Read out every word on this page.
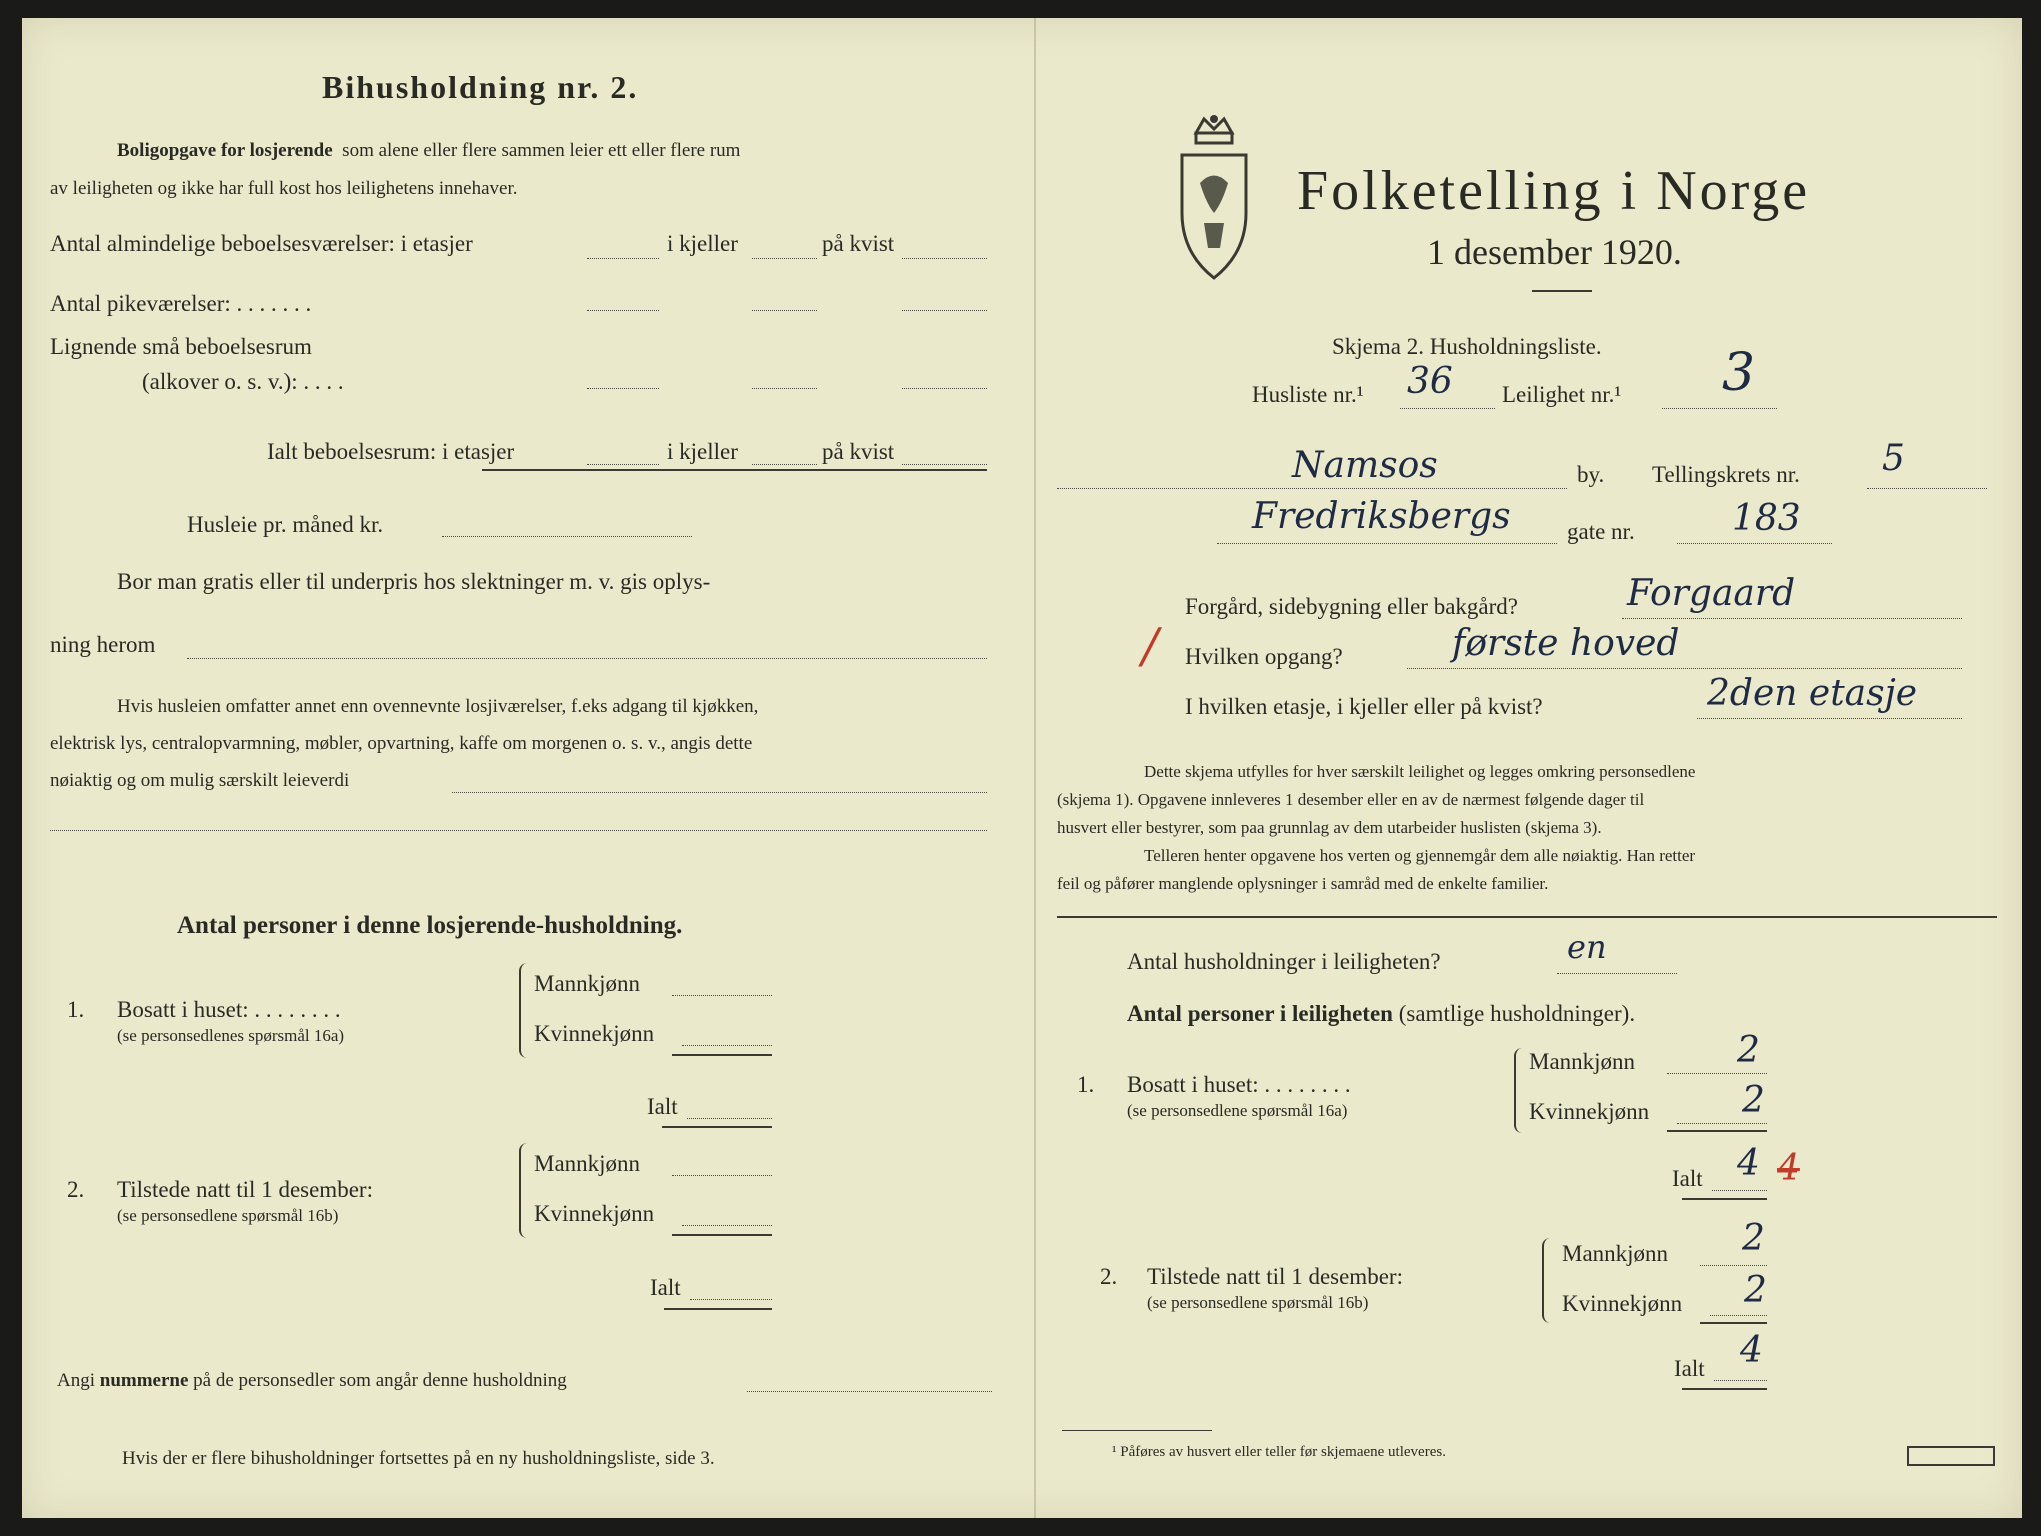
Bihusholdning nr. 2.
Boligopgave for losjerende som alene eller flere sammen leier ett eller flere rum
av leiligheten og ikke har full kost hos leilighetens innehaver.
Antal almindelige beboelsesværelser: i etasjer	i kjeller	på kvist
Antal pikeværelser: . . . . . . .
Lignende små beboelsesrum
(alkover o. s. v.): . . . .
Ialt beboelsesrum: i etasjer	i kjeller	på kvist
Husleie pr. måned kr.
Bor man gratis eller til underpris hos slektninger m. v. gis oplys-
ning herom
Hvis husleien omfatter annet enn ovennevnte losjiværelser, f.eks adgang til kjøkken,
elektrisk lys, centralopvarmning, møbler, opvartning, kaffe om morgenen o. s. v., angis dette
nøiaktig og om mulig særskilt leieverdi
Antal personer i denne losjerende-husholdning.
1. Bosatt i huset: . . . . . . . .
(se personsedlenes spørsmål 16a)
Mannkjønn
Kvinnekjønn
Ialt
2. Tilstede natt til 1 desember:
(se personsedlene spørsmål 16b)
Mannkjønn
Kvinnekjønn
Ialt
Angi nummerne på de personsedler som angår denne husholdning
Hvis der er flere bihusholdninger fortsettes på en ny husholdningsliste, side 3.
Folketelling i Norge
1 desember 1920.
Skjema 2. Husholdningsliste.
Husliste nr.¹ 36 Leilighet nr.¹ 3
Namsos	by. Tellingskrets nr. 5
Fredriksbergs gate nr.	183
Forgård, sidebygning eller bakgård?	Forgaard
/ Hvilken opgang?	første hoved
I hvilken etasje, i kjeller eller på kvist?	2den etasje
Dette skjema utfylles for hver særskilt leilighet og legges omkring personsedlene
(skjema 1). Opgavene innleveres 1 desember eller en av de nærmest følgende dager til
husvert eller bestyrer, som paa grunnlag av dem utarbeider huslisten (skjema 3).
Telleren henter opgavene hos verten og gjennemgår dem alle nøiaktig. Han retter
feil og påfører manglende oplysninger i samråd med de enkelte familier.
Antal husholdninger i leiligheten?	en
Antal personer i leiligheten (samtlige husholdninger).
1. Bosatt i huset: . . . . . . . .
(se personsedlene spørsmål 16a)
Mannkjønn	2
Kvinnekjønn	2
Ialt 4 4
2. Tilstede natt til 1 desember:
(se personsedlene spørsmål 16b)
Mannkjønn 2
Kvinnekjønn 2
Ialt 4
¹ Påføres av husvert eller teller før skjemaene utleveres.
